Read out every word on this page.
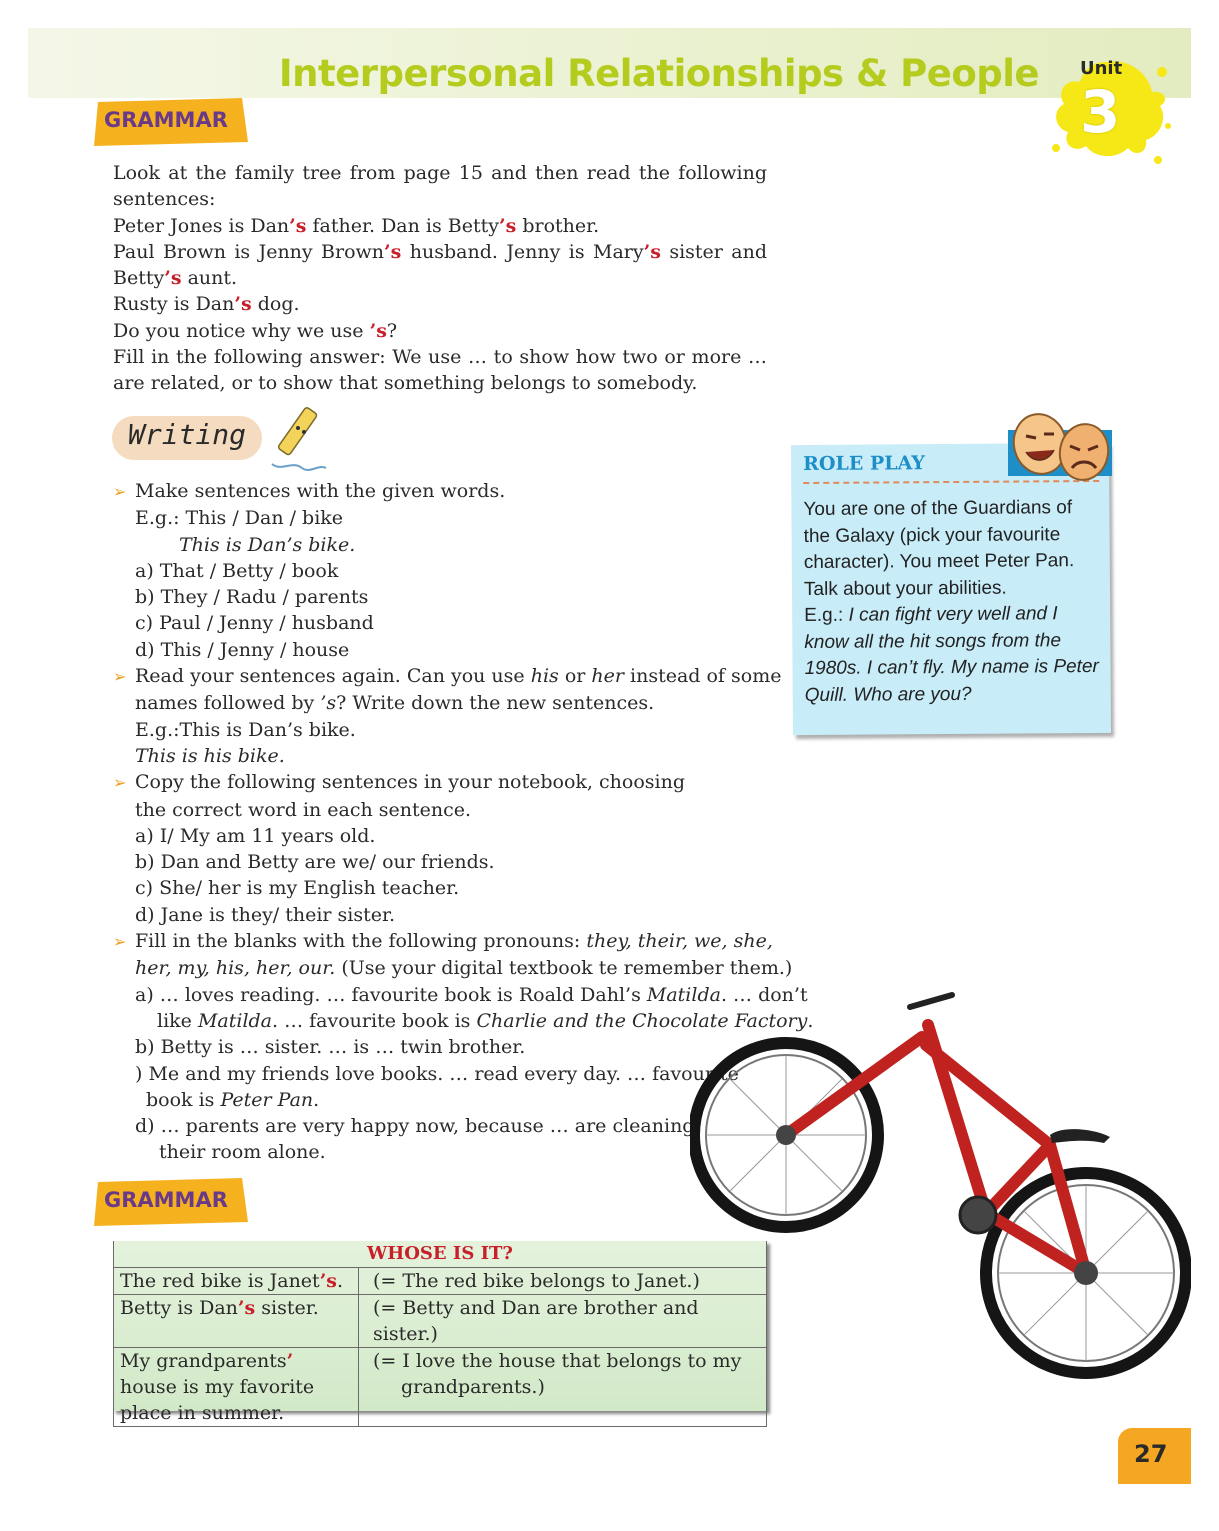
Interpersonal Relationships & People Unit
3
GRAMMAR

Look at the family tree from page 15 and then read the following sentences:

Peter Jones is Dan’s father. Dan is Betty’s brother.

Paul Brown is Jenny Brown’s husband. Jenny is Mary’s sister and Betty’s aunt.

Rusty is Dan’s dog.

Do you notice why we use ’s?

Fill in the following answer: We use … to show how two or more … are related, or to show that something belongs to somebody.

Writing
➢ Make sentences with the given words.
E.g.: This / Dan / bike
This is Dan’s bike.
a) That / Betty / book
b) They / Radu / parents
c) Paul / Jenny / husband
d) This / Jenny / house
➢ Read your sentences again. Can you use his or her instead of some
names followed by ’s? Write down the new sentences.
E.g.:This is Dan’s bike.
This is his bike.
➢ Copy the following sentences in your notebook, choosing
the correct word in each sentence.
a) I/ My am 11 years old.
b) Dan and Betty are we/ our friends.
c) She/ her is my English teacher.
d) Jane is they/ their sister.
➢ Fill in the blanks with the following pronouns: they, their, we, she,
her, my, his, her, our. (Use your digital textbook te remember them.)
a) … loves reading. … favourite book is Roald Dahl’s Matilda. … don’t
like Matilda. … favourite book is Charlie and the Chocolate Factory.
b) Betty is … sister. … is … twin brother.
) Me and my friends love books. … read every day. … favourite
book is Peter Pan.
d) … parents are very happy now, because … are cleaning
their room alone.
ROLE PLAY
You are one of the Guardians of the Galaxy (pick your favourite character). You meet Peter Pan. Talk about your abilities.
E.g.: I can fight very well and I know all the hit songs from the 1980s. I can’t fly. My name is Peter Quill. Who are you?
GRAMMAR
WHOSE IS IT?	
The red bike is Janet’s.	(= The red bike belongs to Janet.)
Betty is Dan’s sister.	(= Betty and Dan are brother and sister.)
My grandparents’ house is my favorite place in summer.	(= I love the house that belongs to my
grandparents.)
27
